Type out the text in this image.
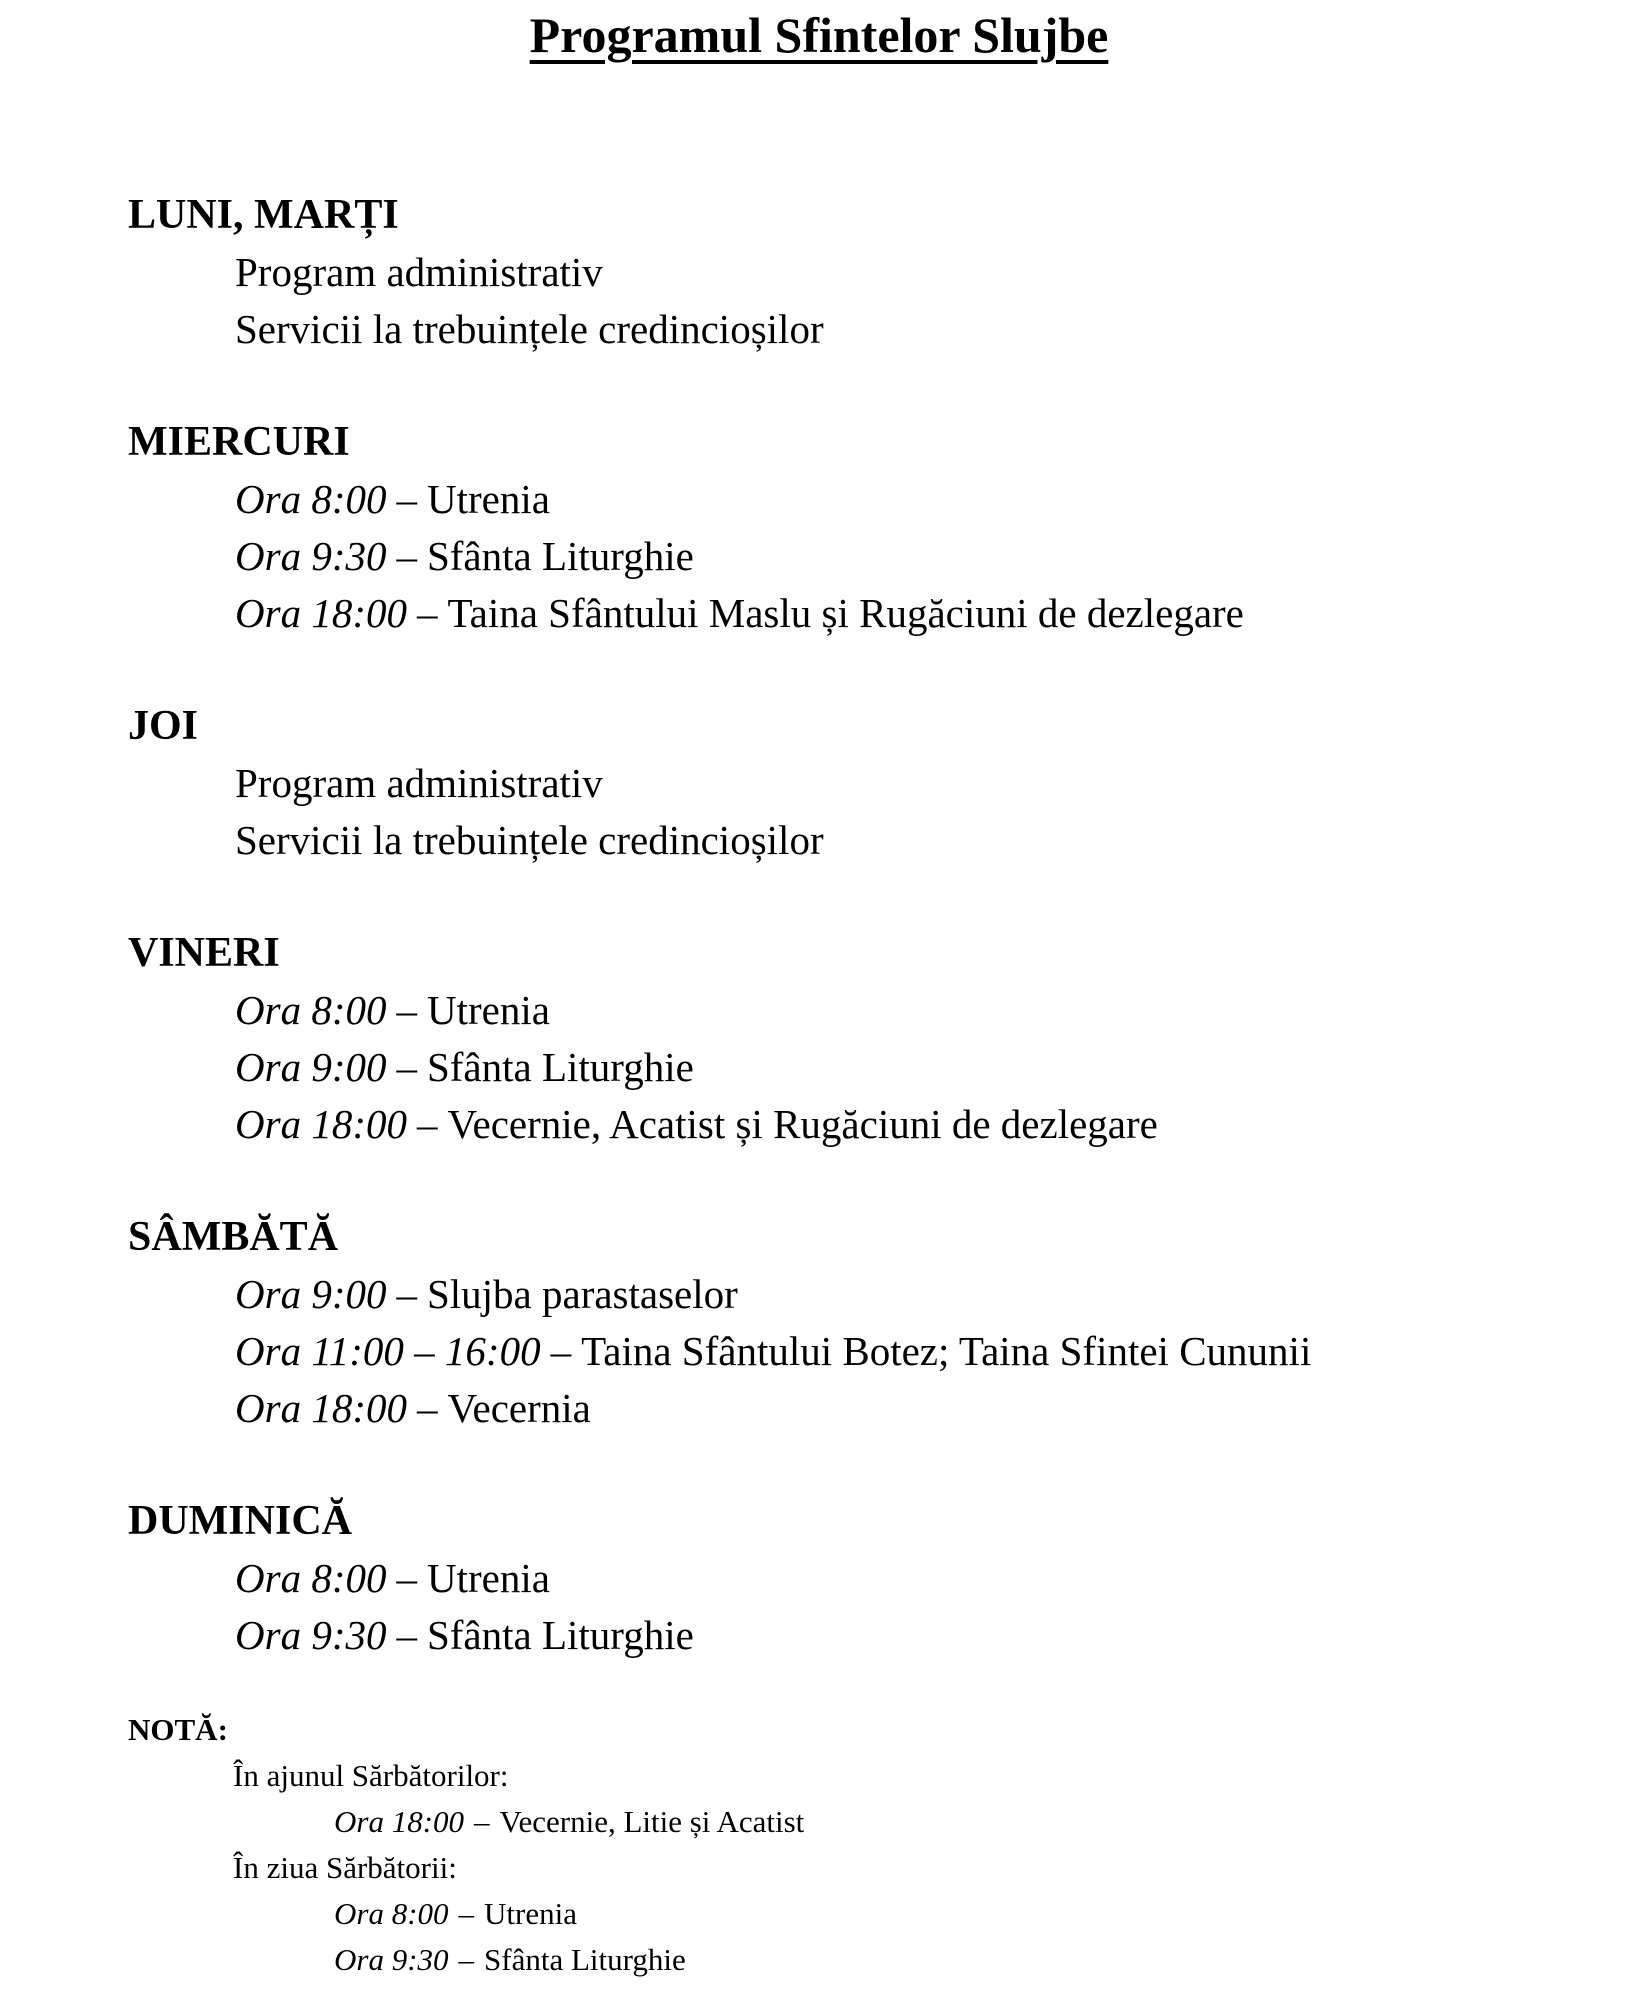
Programul Sfintelor Slujbe
LUNI, MARȚI
Program administrativ
Servicii la trebuințele credincioșilor
MIERCURI
Ora 8:00 – Utrenia
Ora 9:30 – Sfânta Liturghie
Ora 18:00 – Taina Sfântului Maslu și Rugăciuni de dezlegare
JOI
Program administrativ
Servicii la trebuințele credincioșilor
VINERI
Ora 8:00 – Utrenia
Ora 9:00 – Sfânta Liturghie
Ora 18:00 – Vecernie, Acatist și Rugăciuni de dezlegare
SÂMBĂTĂ
Ora 9:00 – Slujba parastaselor
Ora 11:00 – 16:00 – Taina Sfântului Botez; Taina Sfintei Cununii
Ora 18:00 – Vecernia
DUMINICĂ
Ora 8:00 – Utrenia
Ora 9:30 – Sfânta Liturghie
NOTĂ:
În ajunul Sărbătorilor:
Ora 18:00 – Vecernie, Litie și Acatist
În ziua Sărbătorii:
Ora 8:00 – Utrenia
Ora 9:30 – Sfânta Liturghie
